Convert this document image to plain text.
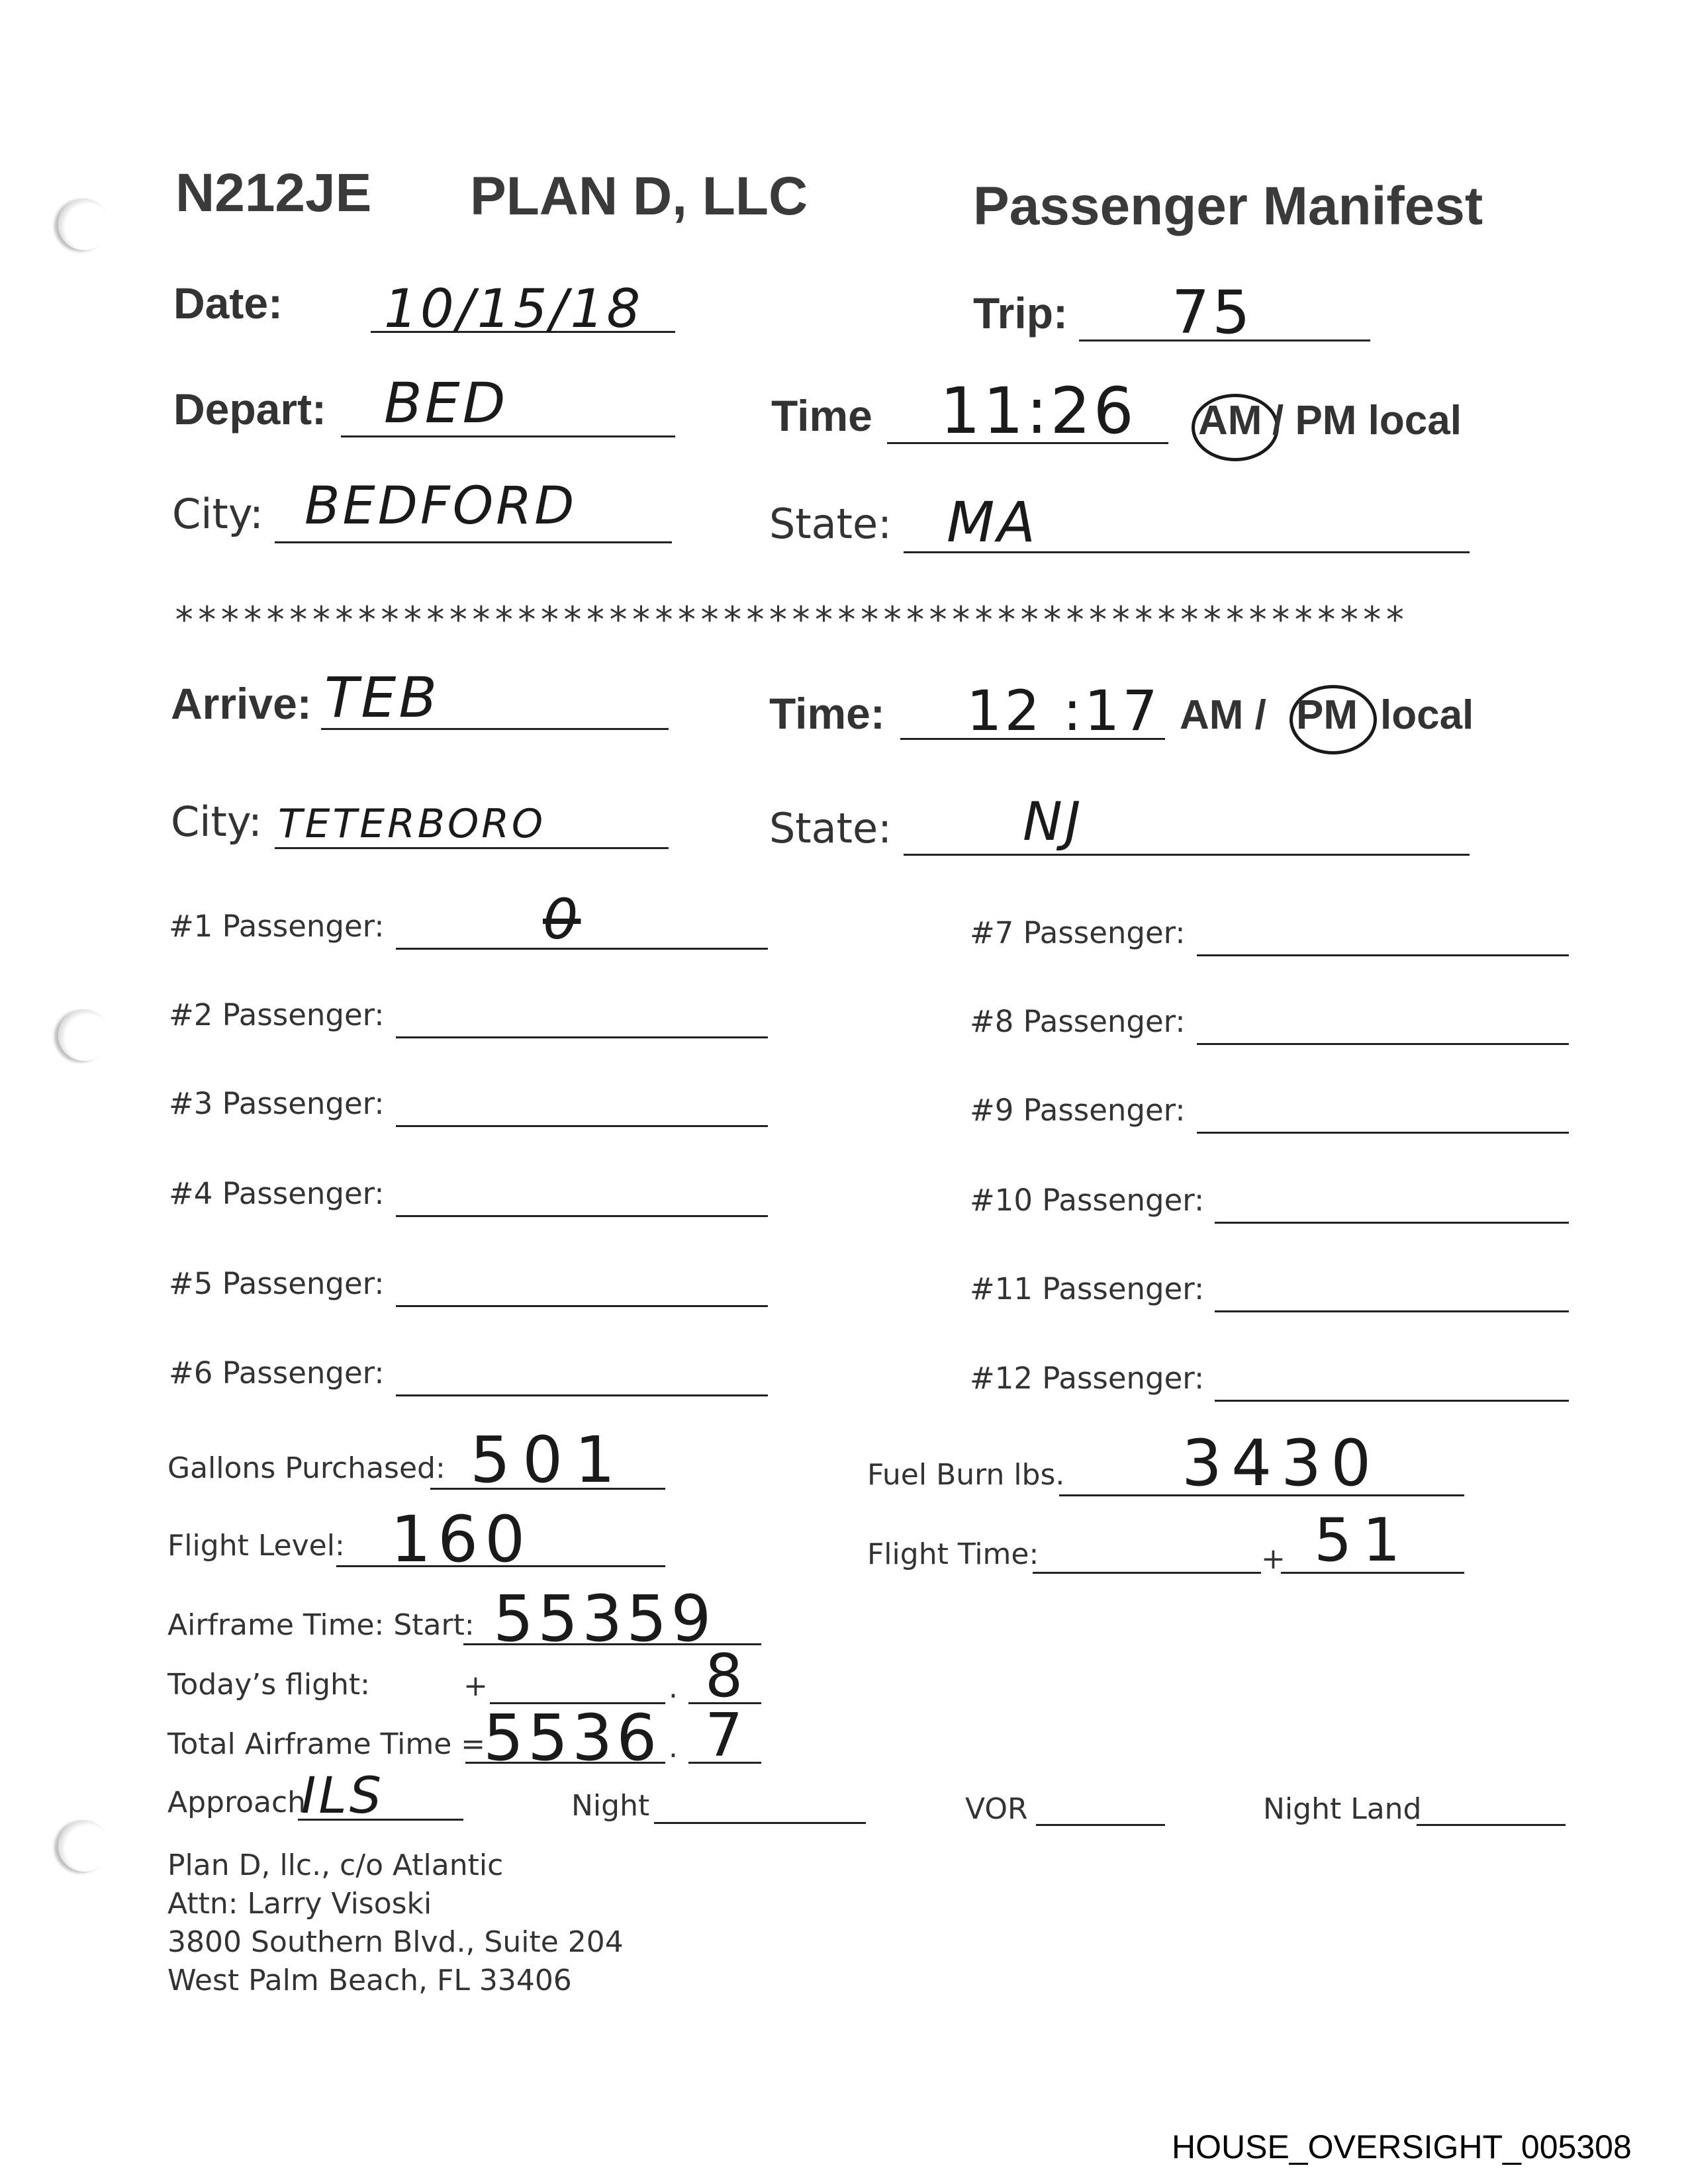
N212JE PLAN D, LLC	Passenger Manifest
Date: 10/15/18	Trip: 75
Depart: BED	Time 11:26 AM / PM local
City: BEDFORD	State: MA
******************************************************
Arrive: TEB	Time: 12 :17 AM / PM local
City: TETERBORO	State: NJ
#1 Passenger:	0
#2 Passenger:
#3 Passenger:
#4 Passenger:
#5 Passenger:
#6 Passenger:
#7 Passenger:
#8 Passenger:
#9 Passenger:
#10 Passenger:
#11 Passenger:
#12 Passenger:
Gallons Purchased: 501	Fuel Burn lbs. 3430
Flight Level: 160	Flight Time:	+ 51
Airframe Time: Start: 55359
Today’s flight:	+	. 8
Total Airframe Time =
5536 . 7
Approach
ILS	Night	VOR	Night Land
Plan D, llc., c/o Atlantic
Attn: Larry Visoski
3800 Southern Blvd., Suite 204
West Palm Beach, FL 33406
HOUSE_OVERSIGHT_005308
